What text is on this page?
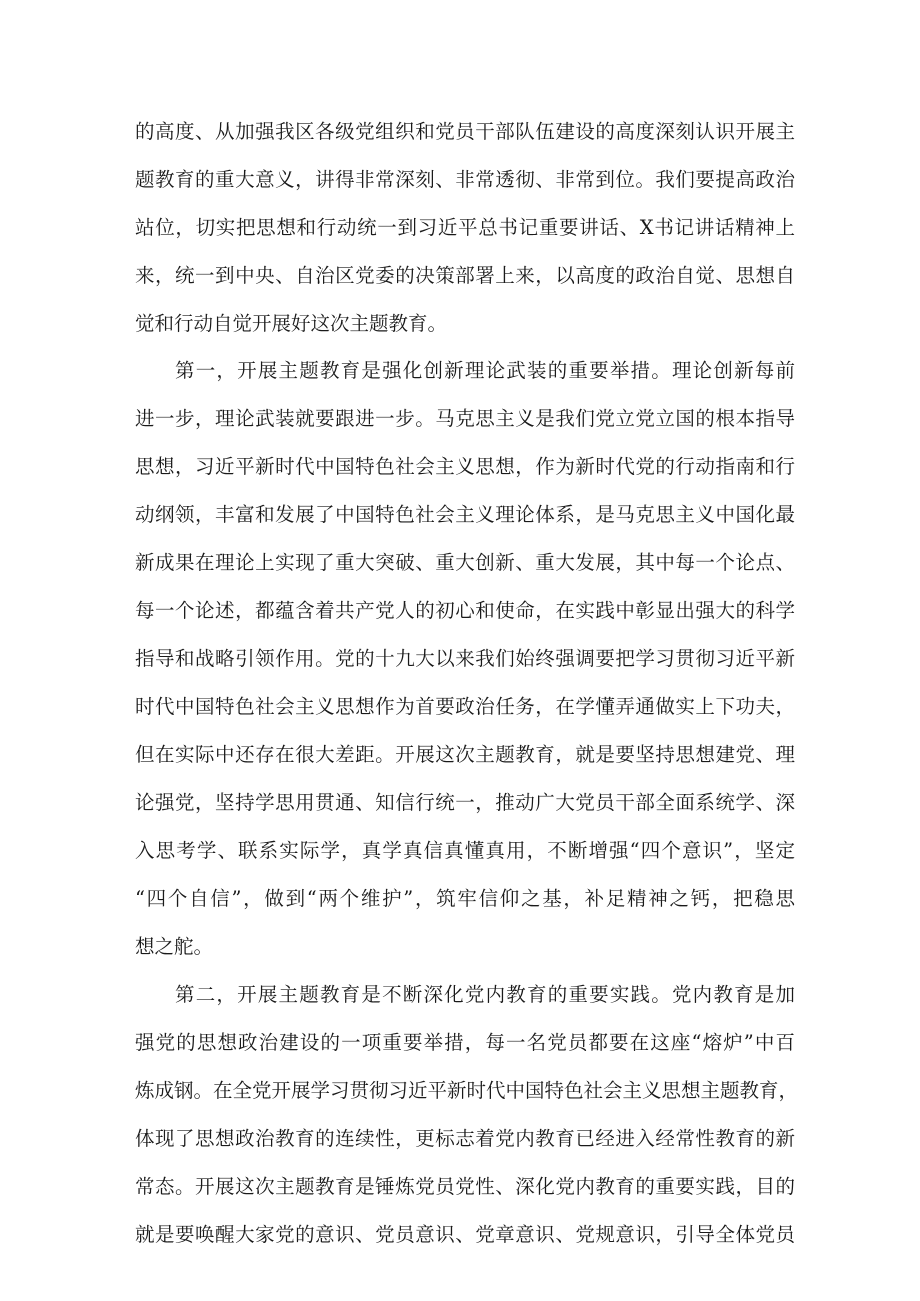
的高度、从加强我区各级党组织和党员干部队伍建设的高度深刻认识开展主

题教育的重大意义，讲得非常深刻、非常透彻、非常到位。我们要提高政治

站位，切实把思想和行动统一到习近平总书记重要讲话、X书记讲话精神上

来，统一到中央、自治区党委的决策部署上来，以高度的政治自觉、思想自

觉和行动自觉开展好这次主题教育。

第一，开展主题教育是强化创新理论武装的重要举措。理论创新每前

进一步，理论武装就要跟进一步。马克思主义是我们党立党立国的根本指导

思想，习近平新时代中国特色社会主义思想，作为新时代党的行动指南和行

动纲领，丰富和发展了中国特色社会主义理论体系，是马克思主义中国化最

新成果在理论上实现了重大突破、重大创新、重大发展，其中每一个论点、

每一个论述，都蕴含着共产党人的初心和使命，在实践中彰显出强大的科学

指导和战略引领作用。党的十九大以来我们始终强调要把学习贯彻习近平新

时代中国特色社会主义思想作为首要政治任务，在学懂弄通做实上下功夫，

但在实际中还存在很大差距。开展这次主题教育，就是要坚持思想建党、理

论强党，坚持学思用贯通、知信行统一，推动广大党员干部全面系统学、深

入思考学、联系实际学，真学真信真懂真用，不断增强“四个意识”，坚定

“四个自信”，做到“两个维护”，筑牢信仰之基，补足精神之钙，把稳思

想之舵。

第二，开展主题教育是不断深化党内教育的重要实践。党内教育是加

强党的思想政治建设的一项重要举措，每一名党员都要在这座“熔炉”中百

炼成钢。在全党开展学习贯彻习近平新时代中国特色社会主义思想主题教育，

体现了思想政治教育的连续性，更标志着党内教育已经进入经常性教育的新

常态。开展这次主题教育是锤炼党员党性、深化党内教育的重要实践，目的

就是要唤醒大家党的意识、党员意识、党章意识、党规意识，引导全体党员
